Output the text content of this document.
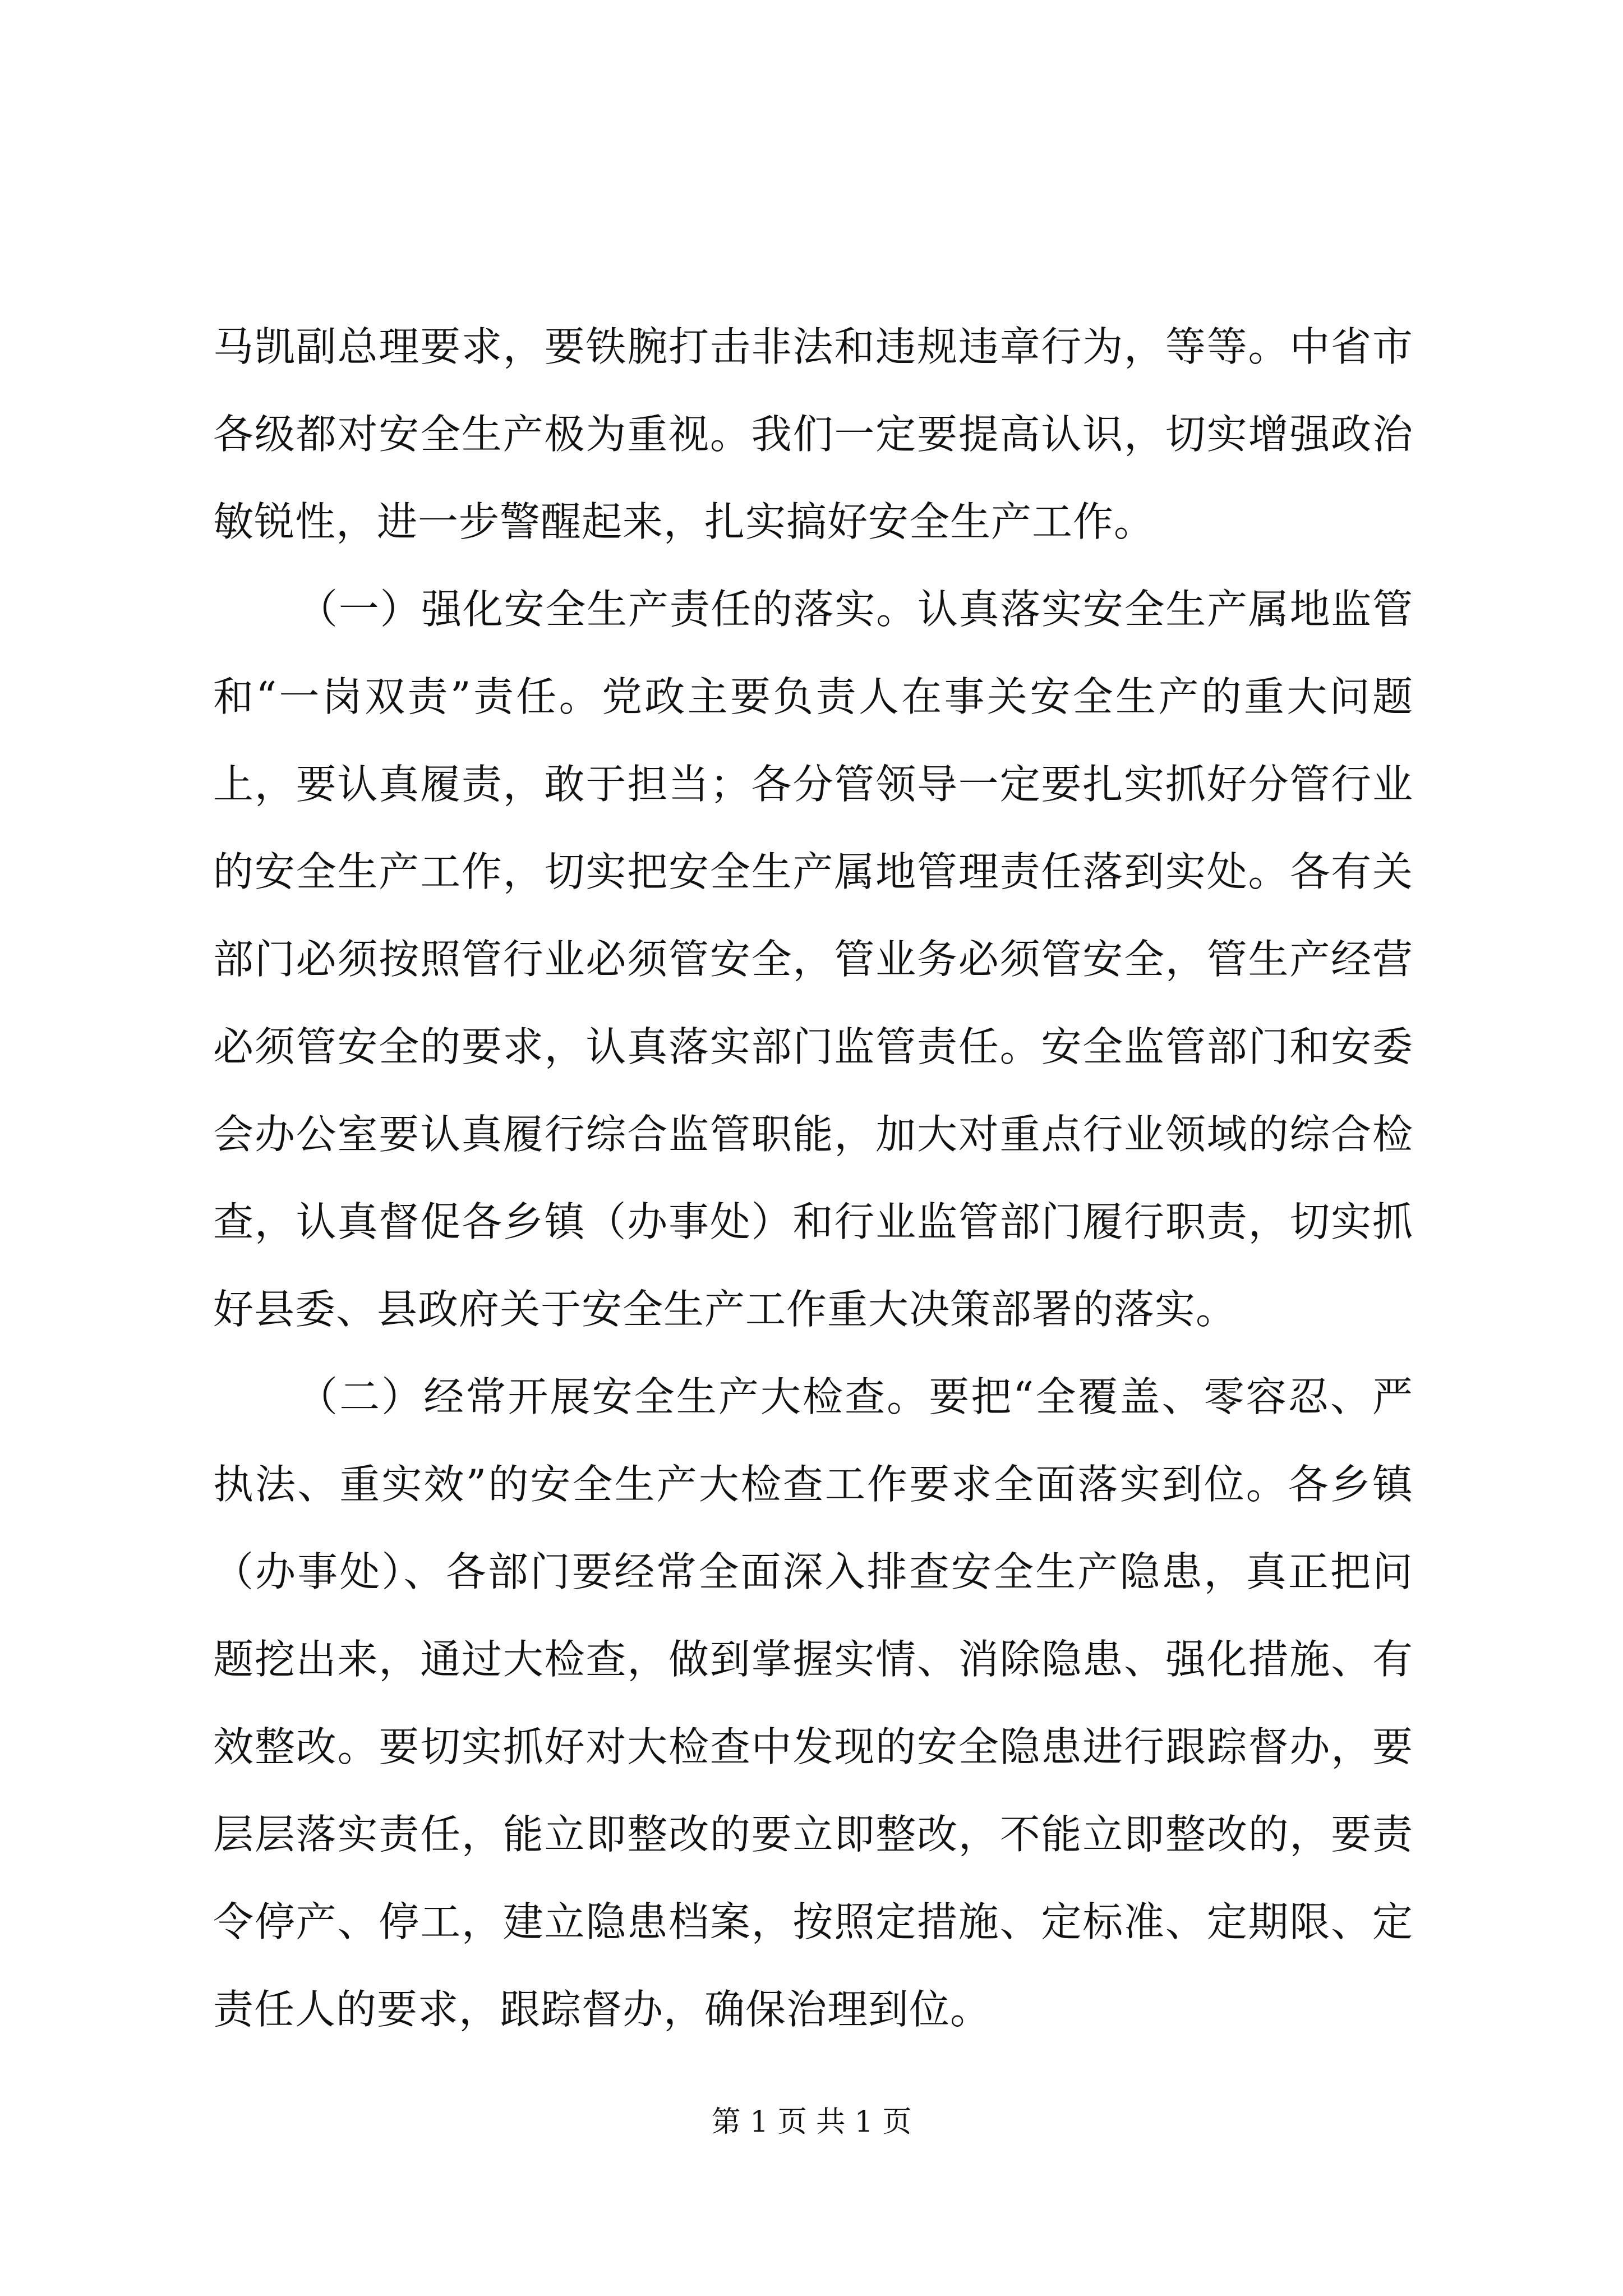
马凯副总理要求，要铁腕打击非法和违规违章行为，等等。中省市各级都对安全生产极为重视。我们一定要提高认识，切实增强政治敏锐性，进一步警醒起来，扎实搞好安全生产工作。

（一）强化安全生产责任的落实。认真落实安全生产属地监管和“一岗双责”责任。党政主要负责人在事关安全生产的重大问题上，要认真履责，敢于担当；各分管领导一定要扎实抓好分管行业的安全生产工作，切实把安全生产属地管理责任落到实处。各有关部门必须按照管行业必须管安全，管业务必须管安全，管生产经营必须管安全的要求，认真落实部门监管责任。安全监管部门和安委会办公室要认真履行综合监管职能，加大对重点行业领域的综合检查，认真督促各乡镇（办事处）和行业监管部门履行职责，切实抓好县委、县政府关于安全生产工作重大决策部署的落实。

（二）经常开展安全生产大检查。要把“全覆盖、零容忍、严执法、重实效”的安全生产大检查工作要求全面落实到位。各乡镇（办事处）、各部门要经常全面深入排查安全生产隐患，真正把问题挖出来，通过大检查，做到掌握实情、消除隐患、强化措施、有效整改。要切实抓好对大检查中发现的安全隐患进行跟踪督办，要层层落实责任，能立即整改的要立即整改，不能立即整改的，要责令停产、停工，建立隐患档案，按照定措施、定标准、定期限、定责任人的要求，跟踪督办，确保治理到位。

第 1 页 共 1 页
